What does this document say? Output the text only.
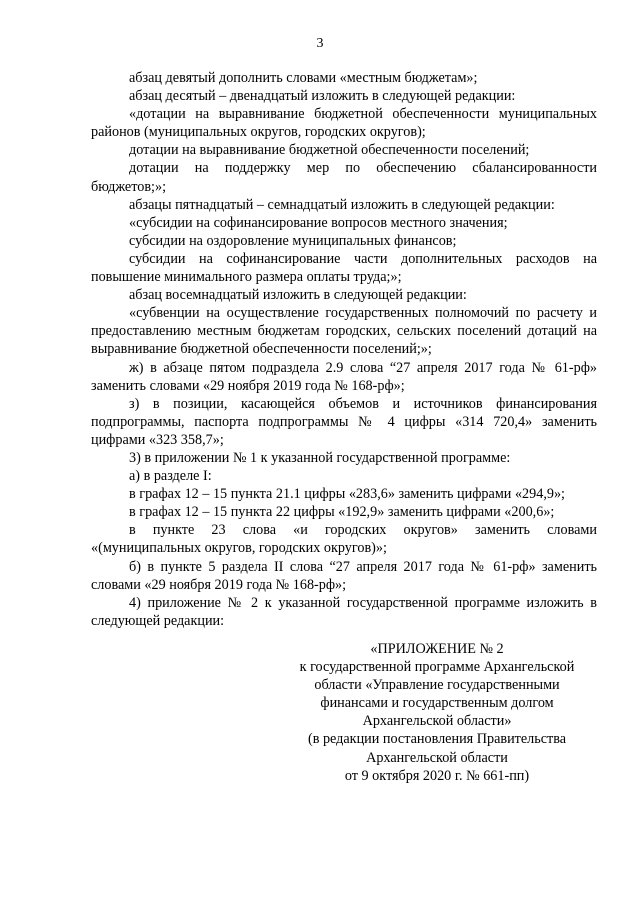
3

абзац девятый дополнить словами «местным бюджетам»;

абзац десятый – двенадцатый изложить в следующей редакции:

«дотации на выравнивание бюджетной обеспеченности муниципальных районов (муниципальных округов, городских округов);

дотации на выравнивание бюджетной обеспеченности поселений;

дотации на поддержку мер по обеспечению сбалансированности бюджетов;»;

абзацы пятнадцатый – семнадцатый изложить в следующей редакции:

«субсидии на софинансирование вопросов местного значения;

субсидии на оздоровление муниципальных финансов;

субсидии на софинансирование части дополнительных расходов на повышение минимального размера оплаты труда;»;

абзац восемнадцатый изложить в следующей редакции:

«субвенции на осуществление государственных полномочий по расчету и предоставлению местным бюджетам городских, сельских поселений дотаций на выравнивание бюджетной обеспеченности поселений;»;

ж) в абзаце пятом подраздела 2.9 слова “27 апреля 2017 года № 61-рф» заменить словами «29 ноября 2019 года № 168-рф»;

з) в позиции, касающейся объемов и источников финансирования подпрограммы, паспорта подпрограммы № 4 цифры «314 720,4» заменить цифрами «323 358,7»;

3) в приложении № 1 к указанной государственной программе:

а) в разделе I:

в графах 12 – 15 пункта 21.1 цифры «283,6» заменить цифрами «294,9»;

в графах 12 – 15 пункта 22 цифры «192,9» заменить цифрами «200,6»;

в пункте 23 слова «и городских округов» заменить словами «(муниципальных округов, городских округов)»;

б) в пункте 5 раздела II слова “27 апреля 2017 года № 61-рф» заменить словами «29 ноября 2019 года № 168-рф»;

4) приложение № 2 к указанной государственной программе изложить в следующей редакции:

«ПРИЛОЖЕНИЕ № 2
к государственной программе Архангельской
области «Управление государственными
финансами и государственным долгом
Архангельской области»
(в редакции постановления Правительства
Архангельской области
от 9 октября 2020 г. № 661-пп)
